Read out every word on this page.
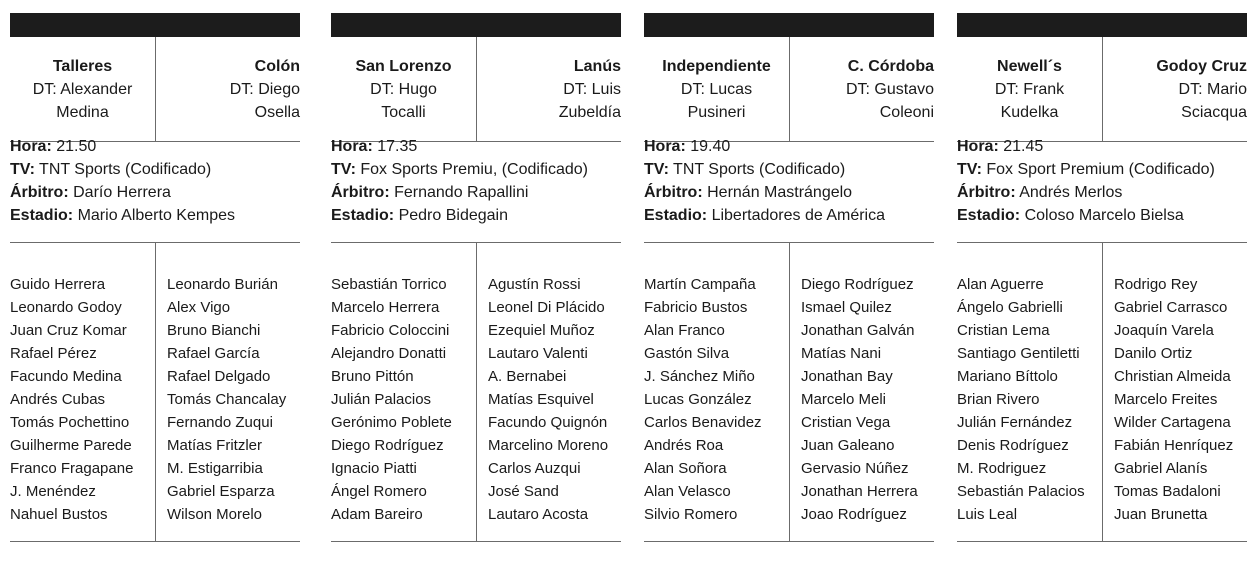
Talleres
DT: Alexander
Medina
Colón
DT: Diego
Osella
Hora: 21.50
TV: TNT Sports (Codificado)
Árbitro: Darío Herrera
Estadio: Mario Alberto Kempes
Guido Herrera
Leonardo Godoy
Juan Cruz Komar
Rafael Pérez
Facundo Medina
Andrés Cubas
Tomás Pochettino
Guilherme Parede
Franco Fragapane
J. Menéndez
Nahuel Bustos
Leonardo Burián
Alex Vigo
Bruno Bianchi
Rafael García
Rafael Delgado
Tomás Chancalay
Fernando Zuqui
Matías Fritzler
M. Estigarribia
Gabriel Esparza
Wilson Morelo
San Lorenzo
DT: Hugo
Tocalli
Lanús
DT: Luis
Zubeldía
Hora: 17.35
TV: Fox Sports Premiu, (Codificado)
Árbitro: Fernando Rapallini
Estadio: Pedro Bidegain
Sebastián Torrico
Marcelo Herrera
Fabricio Coloccini
Alejandro Donatti
Bruno Pittón
Julián Palacios
Gerónimo Poblete
Diego Rodríguez
Ignacio Piatti
Ángel Romero
Adam Bareiro
Agustín Rossi
Leonel Di Plácido
Ezequiel Muñoz
Lautaro Valenti
A. Bernabei
Matías Esquivel
Facundo Quignón
Marcelino Moreno
Carlos Auzqui
José Sand
Lautaro Acosta
Independiente
DT: Lucas
Pusineri
C. Córdoba
DT: Gustavo
Coleoni
Hora: 19.40
TV: TNT Sports (Codificado)
Árbitro: Hernán Mastrángelo
Estadio: Libertadores de América
Martín Campaña
Fabricio Bustos
Alan Franco
Gastón Silva
J. Sánchez Miño
Lucas González
Carlos Benavidez
Andrés Roa
Alan Soñora
Alan Velasco
Silvio Romero
Diego Rodríguez
Ismael Quilez
Jonathan Galván
Matías Nani
Jonathan Bay
Marcelo Meli
Cristian Vega
Juan Galeano
Gervasio Núñez
Jonathan Herrera
Joao Rodríguez
Newell´s
DT: Frank
Kudelka
Godoy Cruz
DT: Mario
Sciacqua
Hora: 21.45
TV: Fox Sport Premium (Codificado)
Árbitro: Andrés Merlos
Estadio: Coloso Marcelo Bielsa
Alan Aguerre
Ángelo Gabrielli
Cristian Lema
Santiago Gentiletti
Mariano Bíttolo
Brian Rivero
Julián Fernández
Denis Rodríguez
M. Rodriguez
Sebastián Palacios
Luis Leal
Rodrigo Rey
Gabriel Carrasco
Joaquín Varela
Danilo Ortiz
Christian Almeida
Marcelo Freites
Wilder Cartagena
Fabián Henríquez
Gabriel Alanís
Tomas Badaloni
Juan Brunetta
